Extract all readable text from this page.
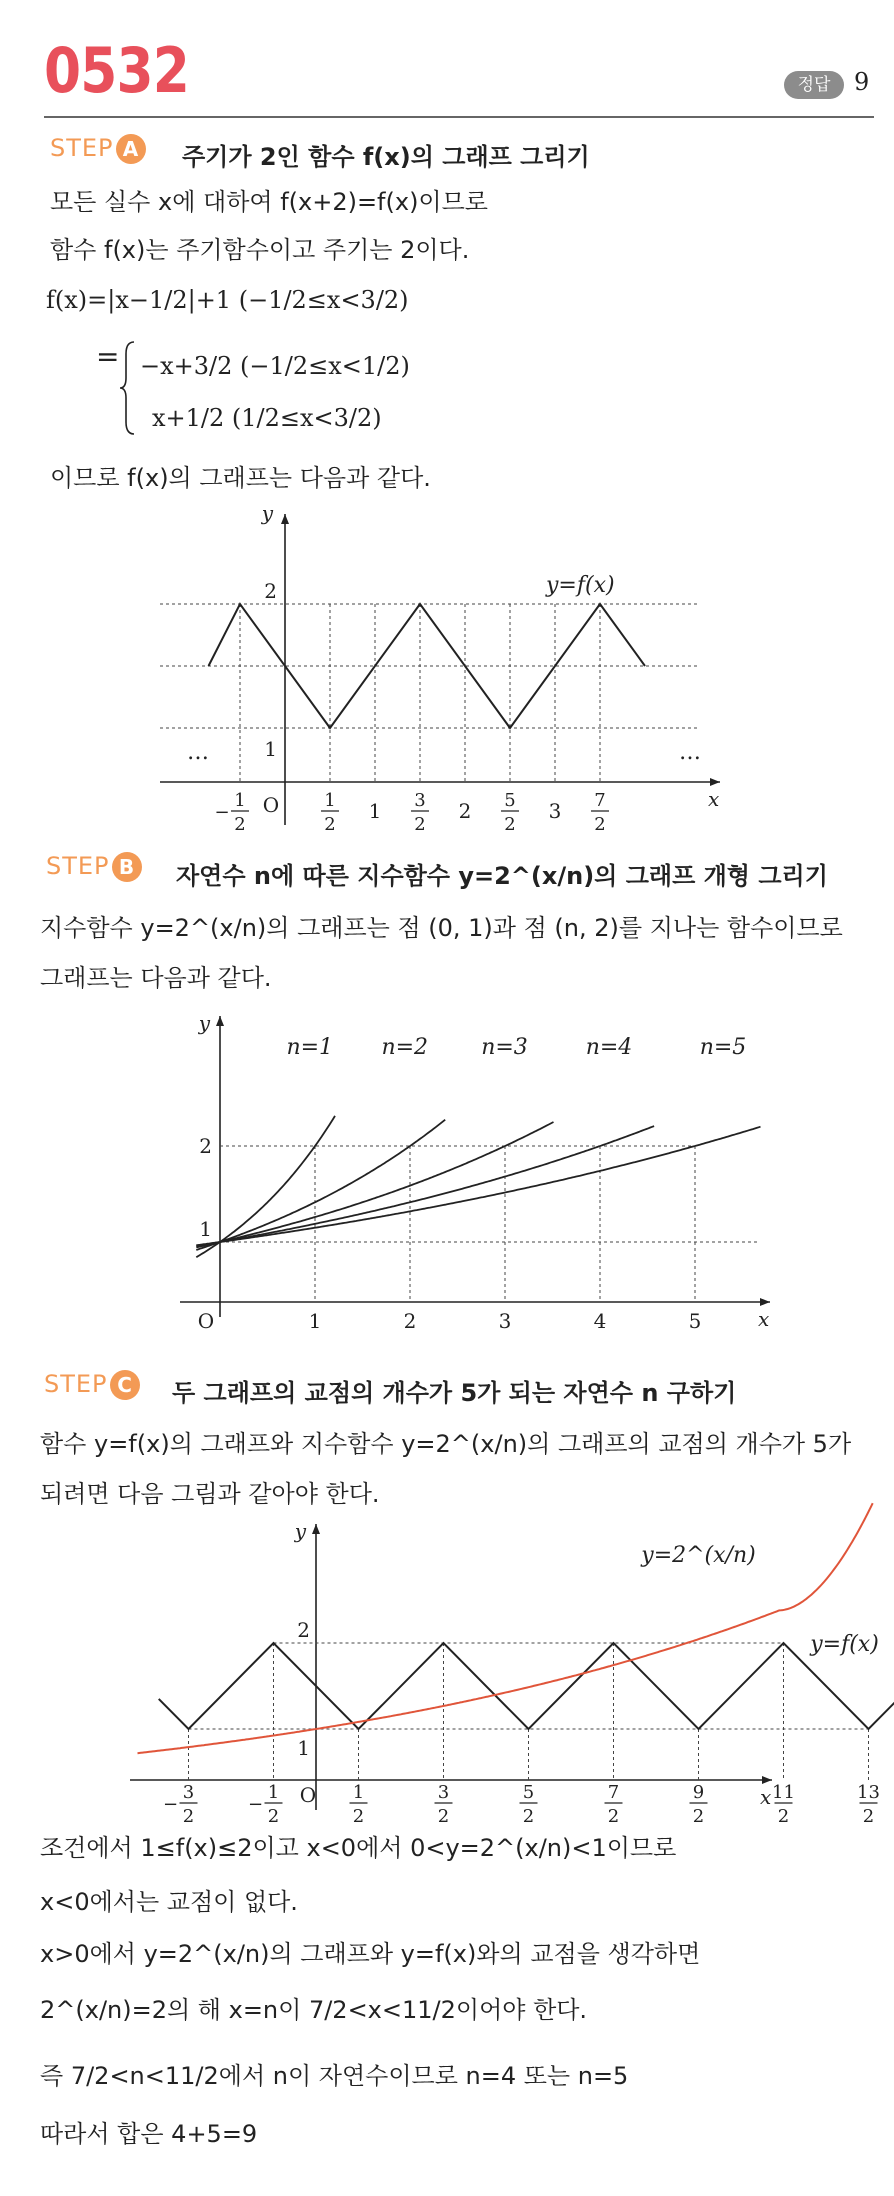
0532	정답 9
STEP A	주기가 2인 함수 f(x)의 그래프 그리기
모든 실수 x에 대하여 f(x+2)=f(x)이므로
함수 f(x)는 주기함수이고 주기는 2이다.
f(x)=|x−1/2|+1 (−1/2≤x<3/2)
= −x+3/2 (−1/2≤x<1/2)
x+1/2 (1/2≤x<3/2)
이므로 f(x)의 그래프는 다음과 같다.
y=f(x)
y
x
2
1
…	…
1
2
− O	1
2
1 3
2
2 5
2
3 7
2
STEP B	자연수 n에 따른 지수함수 y=2^(x/n)의 그래프 개형 그리기
지수함수 y=2^(x/n)의 그래프는 점 (0, 1)과 점 (n, 2)를 지나는 함수이므로
그래프는 다음과 같다.
n=1 n=2 n=3	n=4	n=5
y
x
2
1
O	1	2	3	4	5
STEP C	두 그래프의 교점의 개수가 5가 되는 자연수 n 구하기
함수 y=f(x)의 그래프와 지수함수 y=2^(x/n)의 그래프의 교점의 개수가 5가
되려면 다음 그림과 같아야 한다.
y=2^(x/n)
y=f(x)
y
x
2
1
3
2
−
1
2
− O 1
2
3
2
5
2
7
2
9
2
11
2
13
2
조건에서 1≤f(x)≤2이고 x<0에서 0<y=2^(x/n)<1이므로
x<0에서는 교점이 없다.
x>0에서 y=2^(x/n)의 그래프와 y=f(x)와의 교점을 생각하면
2^(x/n)=2의 해 x=n이 7/2<x<11/2이어야 한다.
즉 7/2<n<11/2에서 n이 자연수이므로 n=4 또는 n=5
따라서 합은 4+5=9
